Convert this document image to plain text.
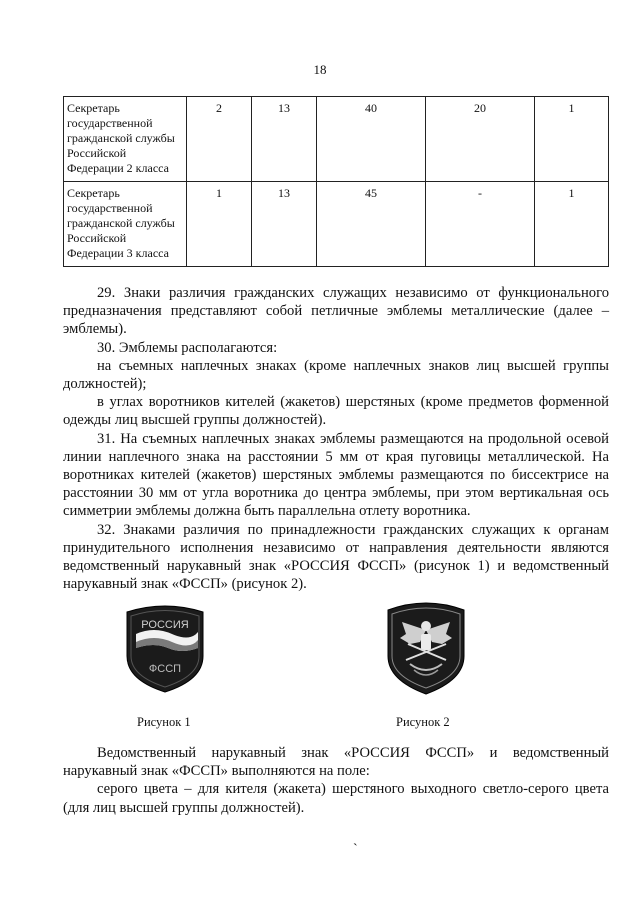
18
Секретарь государственной гражданской службы Российской Федерации 2 класса	2	13	40	20	1
Секретарь государственной гражданской службы Российской Федерации 3 класса	1	13	45	-	1

29. Знаки различия гражданских служащих независимо от функционального предназначения представляют собой петличные эмблемы металлические (далее – эмблемы).

30. Эмблемы располагаются:

на съемных наплечных знаках (кроме наплечных знаков лиц высшей группы должностей);

в углах воротников кителей (жакетов) шерстяных (кроме предметов форменной одежды лиц высшей группы должностей).

31. На съемных наплечных знаках эмблемы размещаются на продольной осевой линии наплечного знака на расстоянии 5 мм от края пуговицы металлической. На воротниках кителей (жакетов) шерстяных эмблемы размещаются по биссектрисе на расстоянии 30 мм от угла воротника до центра эмблемы, при этом вертикальная ось симметрии эмблемы должна быть параллельна отлету воротника.

32. Знаками различия по принадлежности гражданских служащих к органам принудительного исполнения независимо от направления деятельности являются ведомственный нарукавный знак «РОССИЯ ФССП» (рисунок 1) и ведомственный нарукавный знак «ФССП» (рисунок 2).

РОССИЯ
ФССП
Рисунок 1	Рисунок 2

Ведомственный нарукавный знак «РОССИЯ ФССП» и ведомственный нарукавный знак «ФССП» выполняются на поле:

серого цвета – для кителя (жакета) шерстяного выходного светло-серого цвета (для лиц высшей группы должностей).

`
